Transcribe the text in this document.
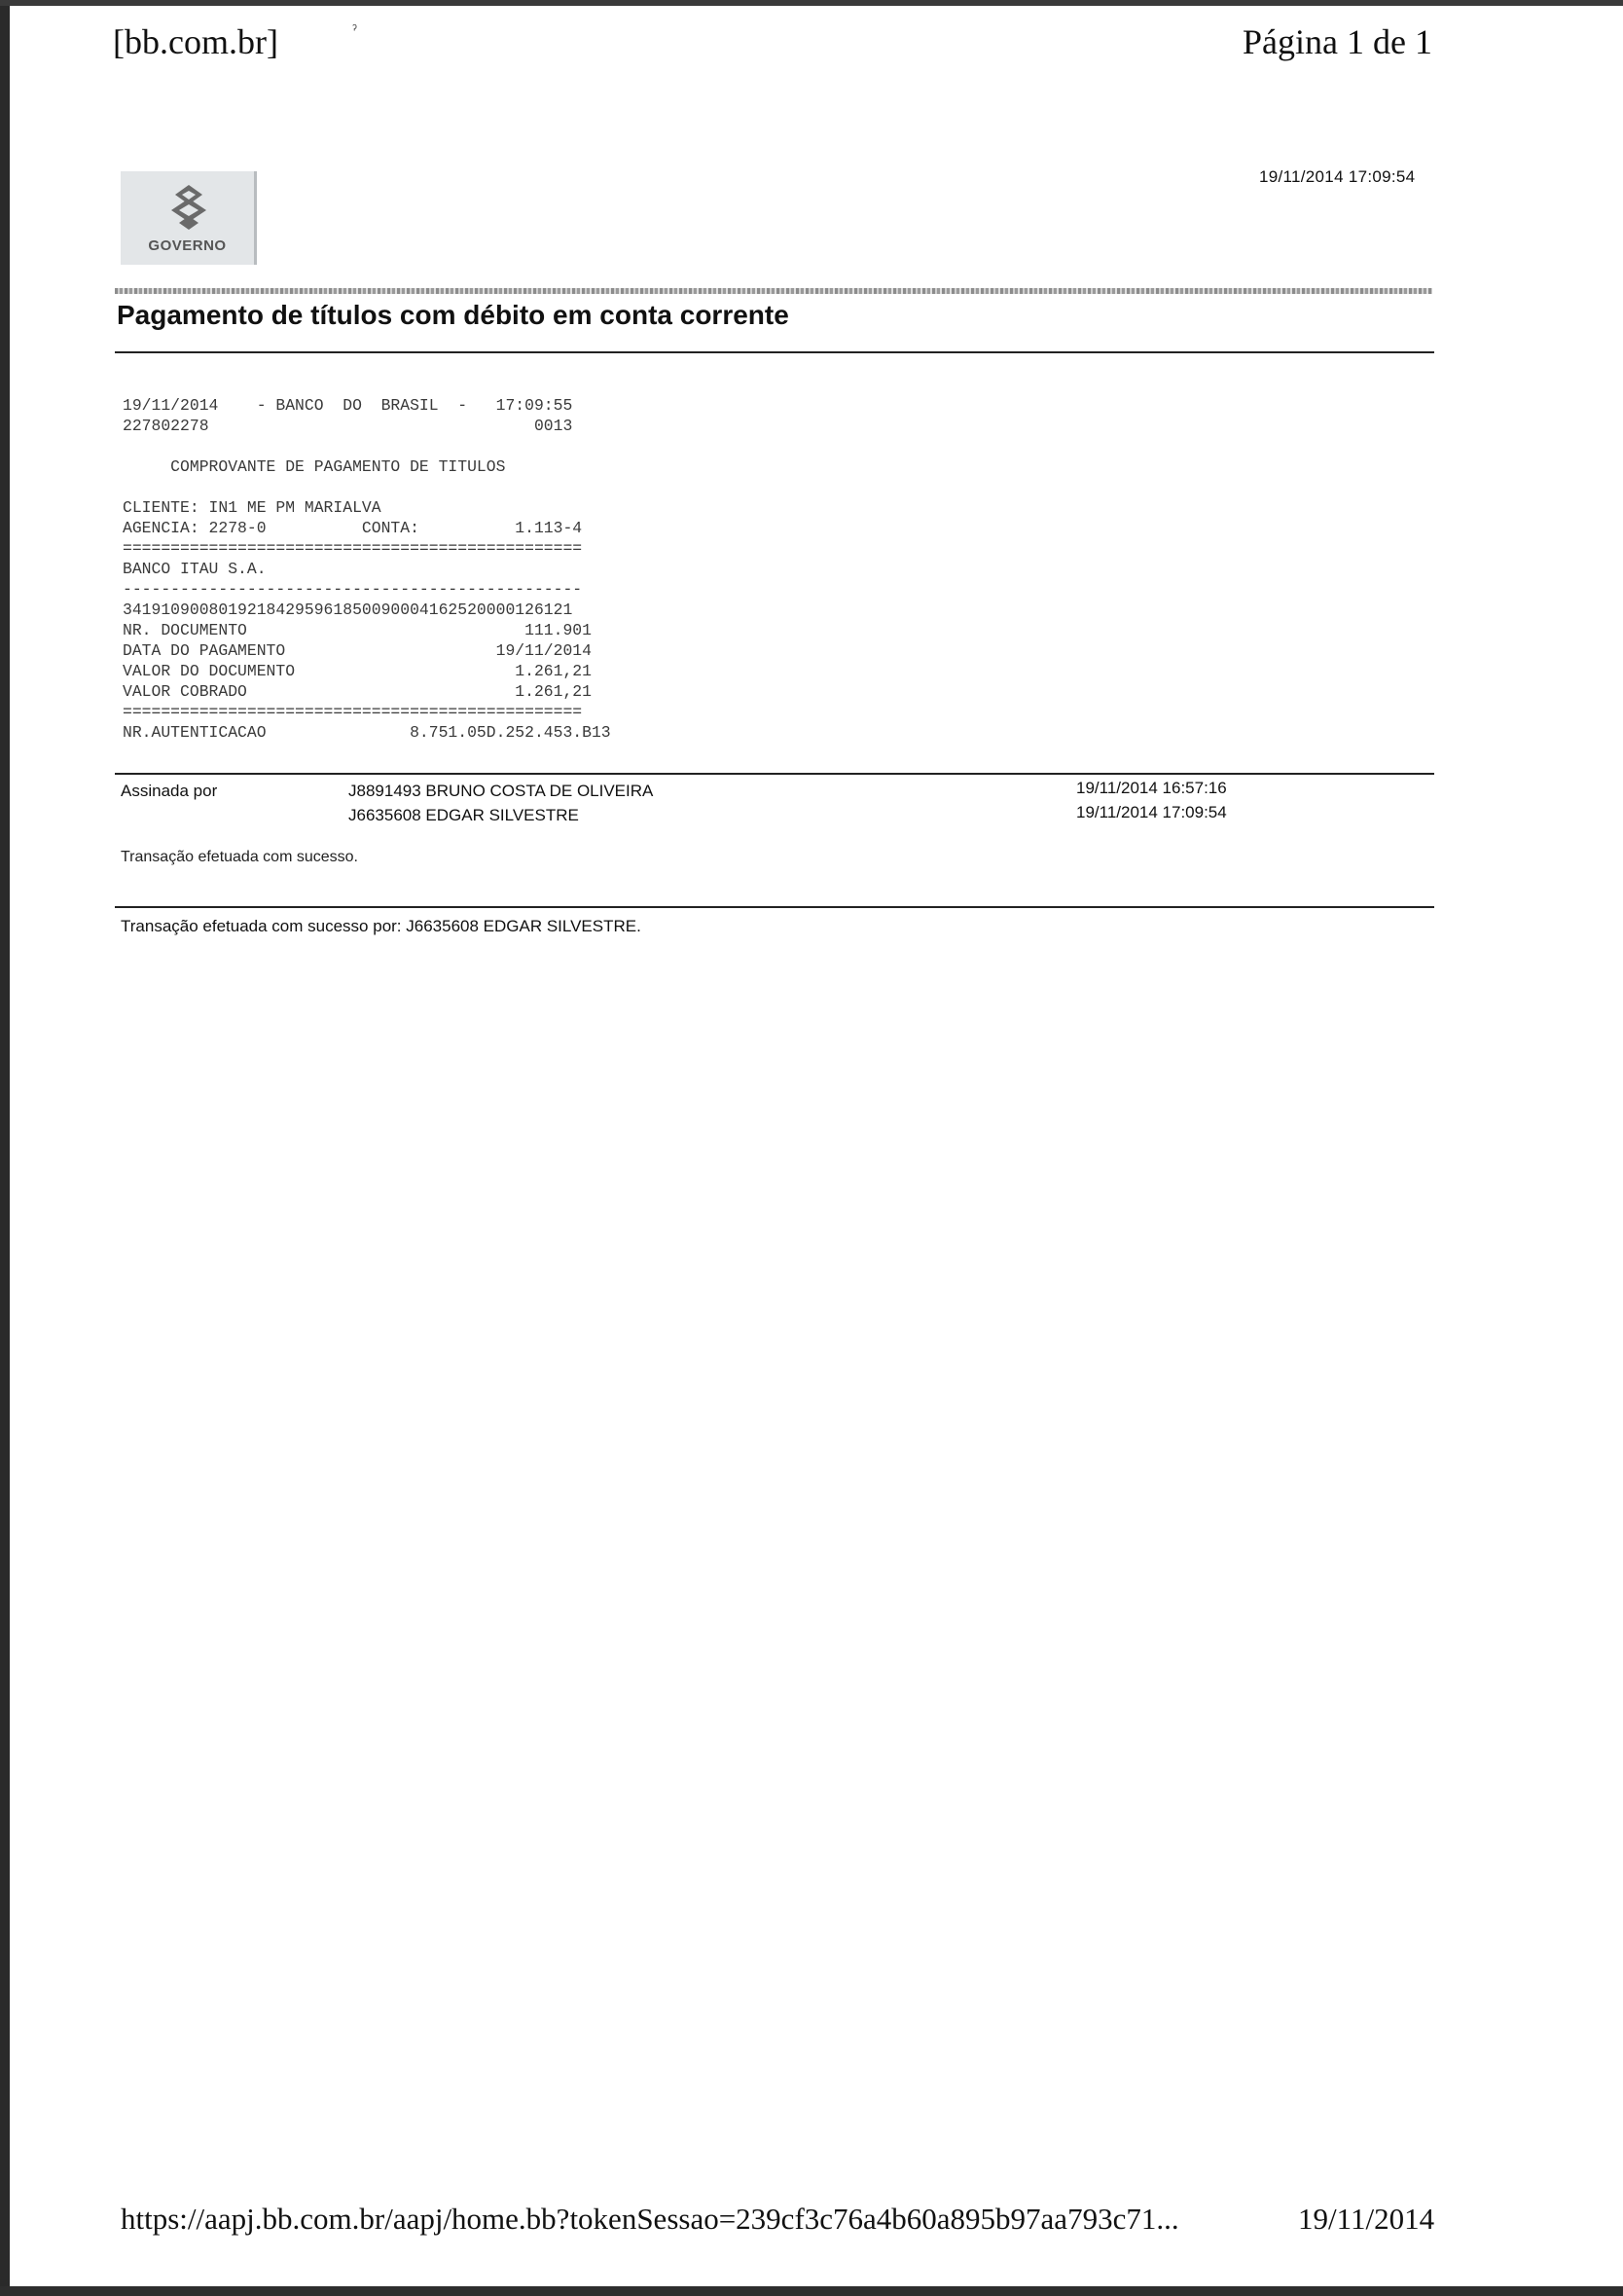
[bb.com.br]	ˀ	Página 1 de 1
GOVERNO
19/11/2014 17:09:54
Pagamento de títulos com débito em conta corrente
19/11/2014    - BANCO  DO  BRASIL  -   17:09:55
227802278                                  0013
COMPROVANTE DE PAGAMENTO DE TITULOS
CLIENTE: IN1 ME PM MARIALVA
AGENCIA: 2278-0          CONTA:          1.113-4
================================================
BANCO ITAU S.A.
------------------------------------------------
34191090080192184295961850090004162520000126121
NR. DOCUMENTO                             111.901
DATA DO PAGAMENTO                      19/11/2014
VALOR DO DOCUMENTO                       1.261,21
VALOR COBRADO                            1.261,21
================================================
NR.AUTENTICACAO               8.751.05D.252.453.B13
Assinada por	J8891493 BRUNO COSTA DE OLIVEIRA	19/11/2014 16:57:16
J6635608 EDGAR SILVESTRE	19/11/2014 17:09:54
Transação efetuada com sucesso.
Transação efetuada com sucesso por: J6635608 EDGAR SILVESTRE.
https://aapj.bb.com.br/aapj/home.bb?tokenSessao=239cf3c76a4b60a895b97aa793c71...	19/11/2014
